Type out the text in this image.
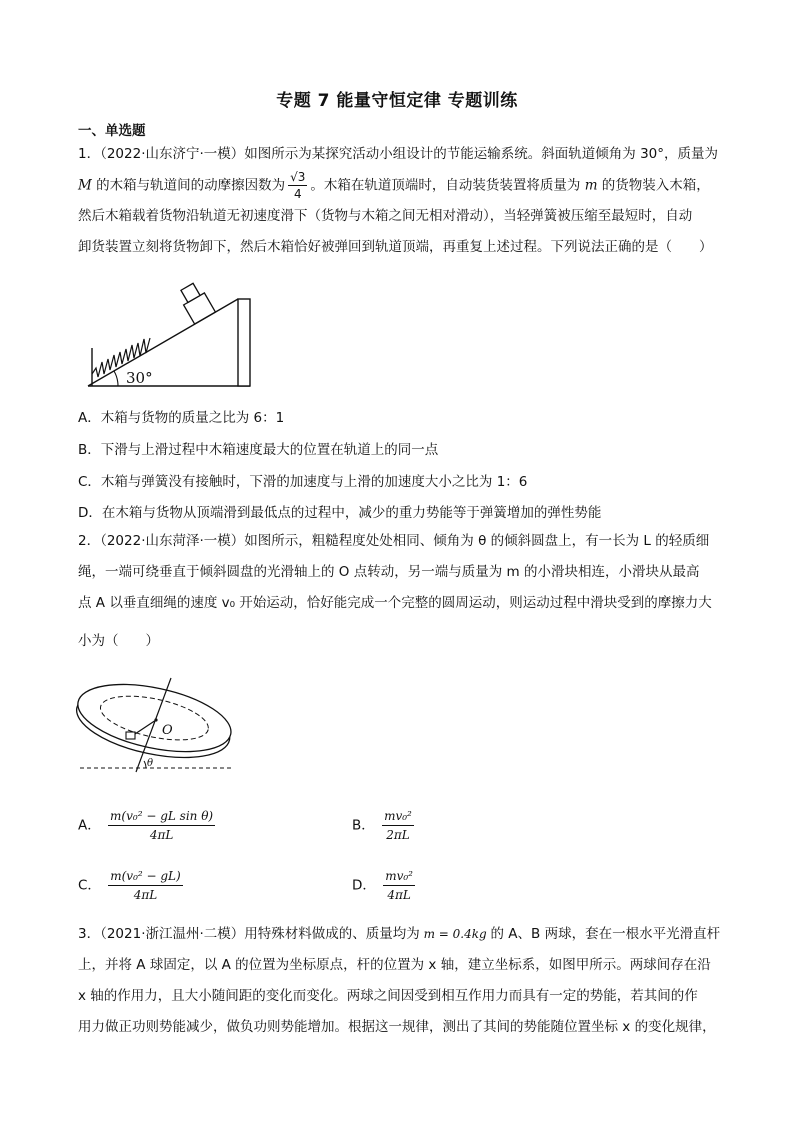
专题 7 能量守恒定律 专题训练
一、单选题
1．（2022·山东济宁·一模）如图所示为某探究活动小组设计的节能运输系统。斜面轨道倾角为 30°，质量为
M 的木箱与轨道间的动摩擦因数为 $\frac{√3}{4}$ 。木箱在轨道顶端时，自动装货装置将质量为 m 的货物装入木箱，
然后木箱载着货物沿轨道无初速度滑下（货物与木箱之间无相对滑动），当轻弹簧被压缩至最短时，自动
卸货装置立刻将货物卸下，然后木箱恰好被弹回到轨道顶端，再重复上述过程。下列说法正确的是（　　）
30°
A．木箱与货物的质量之比为 6：1
B．下滑与上滑过程中木箱速度最大的位置在轨道上的同一点
C．木箱与弹簧没有接触时，下滑的加速度与上滑的加速度大小之比为 1：6
D．在木箱与货物从顶端滑到最低点的过程中，减少的重力势能等于弹簧增加的弹性势能
2．（2022·山东菏泽·一模）如图所示，粗糙程度处处相同、倾角为 θ 的倾斜圆盘上，有一长为 L 的轻质细
绳，一端可绕垂直于倾斜圆盘的光滑轴上的 O 点转动，另一端与质量为 m 的小滑块相连，小滑块从最高
点 A 以垂直细绳的速度 v₀ 开始运动，恰好能完成一个完整的圆周运动，则运动过程中滑块受到的摩擦力大
小为（　　）
O
θ
A． $\frac{\text{m(v₀² − gL sin θ)}}{4\pi L}$	B． $\frac{\text{mv₀²}}{2\pi L}$
C． $\frac{\text{m(v₀² − gL)}}{4\pi L}$	D． $\frac{\text{mv₀²}}{4\pi L}$
3．（2021·浙江温州·二模）用特殊材料做成的、质量均为 m = 0.4kg 的 A、B 两球，套在一根水平光滑直杆
上，并将 A 球固定，以 A 的位置为坐标原点，杆的位置为 x 轴，建立坐标系，如图甲所示。两球间存在沿
x 轴的作用力，且大小随间距的变化而变化。两球之间因受到相互作用力而具有一定的势能，若其间的作
用力做正功则势能减少，做负功则势能增加。根据这一规律，测出了其间的势能随位置坐标 x 的变化规律，
